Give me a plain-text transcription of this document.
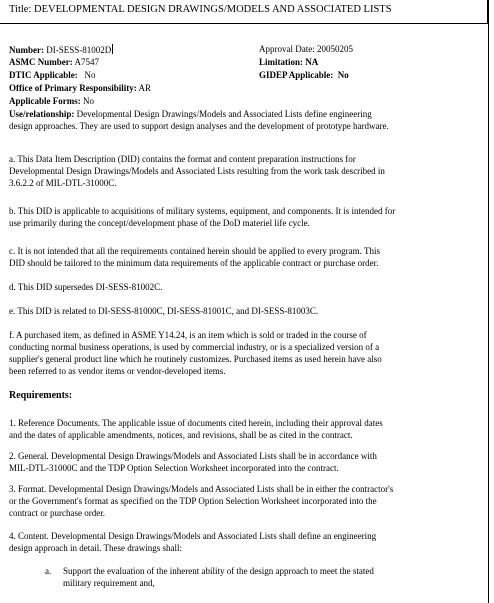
Title: DEVELOPMENTAL DESIGN DRAWINGS/MODELS AND ASSOCIATED LISTS
Number: DI-SESS-81002D	Approval Date: 20050205
ASMC Number: A7547	Limitation: NA
DTIC Applicable: No	GIDEP Applicable: No
Office of Primary Responsibility: AR
Applicable Forms: No
Use/relationship: Developmental Design Drawings/Models and Associated Lists define engineering
design approaches. They are used to support design analyses and the development of prototype hardware.
a. This Data Item Description (DID) contains the format and content preparation instructions for
Developmental Design Drawings/Models and Associated Lists resulting from the work task described in
3.6.2.2 of MIL-DTL-31000C.
b. This DID is applicable to acquisitions of military systems, equipment, and components. It is intended for
use primarily during the concept/development phase of the DoD materiel life cycle.
c. It is not intended that all the requirements contained herein should be applied to every program. This
DID should be tailored to the minimum data requirements of the applicable contract or purchase order.
d. This DID supersedes DI-SESS-81002C.
e. This DID is related to DI-SESS-81000C, DI-SESS-81001C, and DI-SESS-81003C.
f. A purchased item, as defined in ASME Y14.24, is an item which is sold or traded in the course of
conducting normal business operations, is used by commercial industry, or is a specialized version of a
supplier's general product line which he routinely customizes. Purchased items as used herein have also
been referred to as vendor items or vendor-developed items.
Requirements:
1. Reference Documents. The applicable issue of documents cited herein, including their approval dates
and the dates of applicable amendments, notices, and revisions, shall be as cited in the contract.
2. General. Developmental Design Drawings/Models and Associated Lists shall be in accordance with
MIL-DTL-31000C and the TDP Option Selection Worksheet incorporated into the contract.
3. Format. Developmental Design Drawings/Models and Associated Lists shall be in either the contractor's
or the Government's format as specified on the TDP Option Selection Worksheet incorporated into the
contract or purchase order.
4. Content. Developmental Design Drawings/Models and Associated Lists shall define an engineering
design approach in detail. These drawings shall:
a. Support the evaluation of the inherent ability of the design approach to meet the stated
military requirement and,
